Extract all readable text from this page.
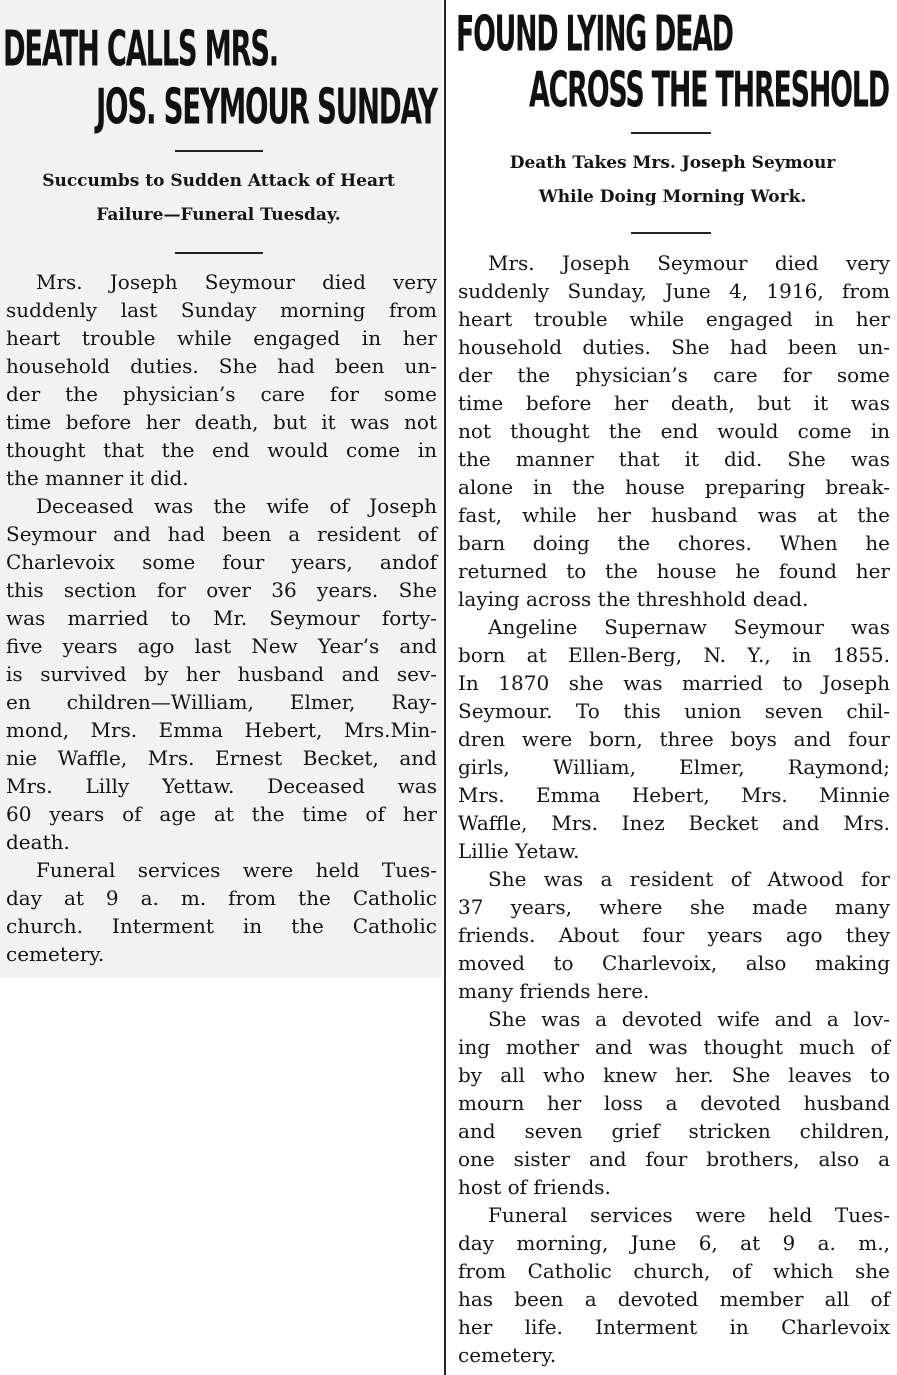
DEATH CALLS MRS.
JOS. SEYMOUR SUNDAY
Succumbs to Sudden Attack of Heart
Failure—Funeral Tuesday.
Mrs. Joseph Seymour died very
suddenly last Sunday morning from
heart trouble while engaged in her
household duties. She had been un-
der the physician’s care for some
time before her death, but it was not
thought that the end would come in
the manner it did.
Deceased was the wife of Joseph
Seymour and had been a resident of
Charlevoix some four years, andof
this section for over 36 years. She
was married to Mr. Seymour forty-
five years ago last New Year’s and
is survived by her husband and sev-
en children—William, Elmer, Ray-
mond, Mrs. Emma Hebert, Mrs.Min-
nie Waffle, Mrs. Ernest Becket, and
Mrs. Lilly Yettaw. Deceased was
60 years of age at the time of her
death.
Funeral services were held Tues-
day at 9 a. m. from the Catholic
church. Interment in the Catholic
cemetery.
FOUND LYING DEAD
ACROSS THE THRESHOLD
Death Takes Mrs. Joseph Seymour
While Doing Morning Work.
Mrs. Joseph Seymour died very
suddenly Sunday, June 4, 1916, from
heart trouble while engaged in her
household duties. She had been un-
der the physician’s care for some
time before her death, but it was
not thought the end would come in
the manner that it did. She was
alone in the house preparing break-
fast, while her husband was at the
barn doing the chores. When he
returned to the house he found her
laying across the threshhold dead.
Angeline Supernaw Seymour was
born at Ellen-Berg, N. Y., in 1855.
In 1870 she was married to Joseph
Seymour. To this union seven chil-
dren were born, three boys and four
girls, William, Elmer, Raymond;
Mrs. Emma Hebert, Mrs. Minnie
Waffle, Mrs. Inez Becket and Mrs.
Lillie Yetaw.
She was a resident of Atwood for
37 years, where she made many
friends. About four years ago they
moved to Charlevoix, also making
many friends here.
She was a devoted wife and a lov-
ing mother and was thought much of
by all who knew her. She leaves to
mourn her loss a devoted husband
and seven grief stricken children,
one sister and four brothers, also a
host of friends.
Funeral services were held Tues-
day morning, June 6, at 9 a. m.,
from Catholic church, of which she
has been a devoted member all of
her life. Interment in Charlevoix
cemetery.
